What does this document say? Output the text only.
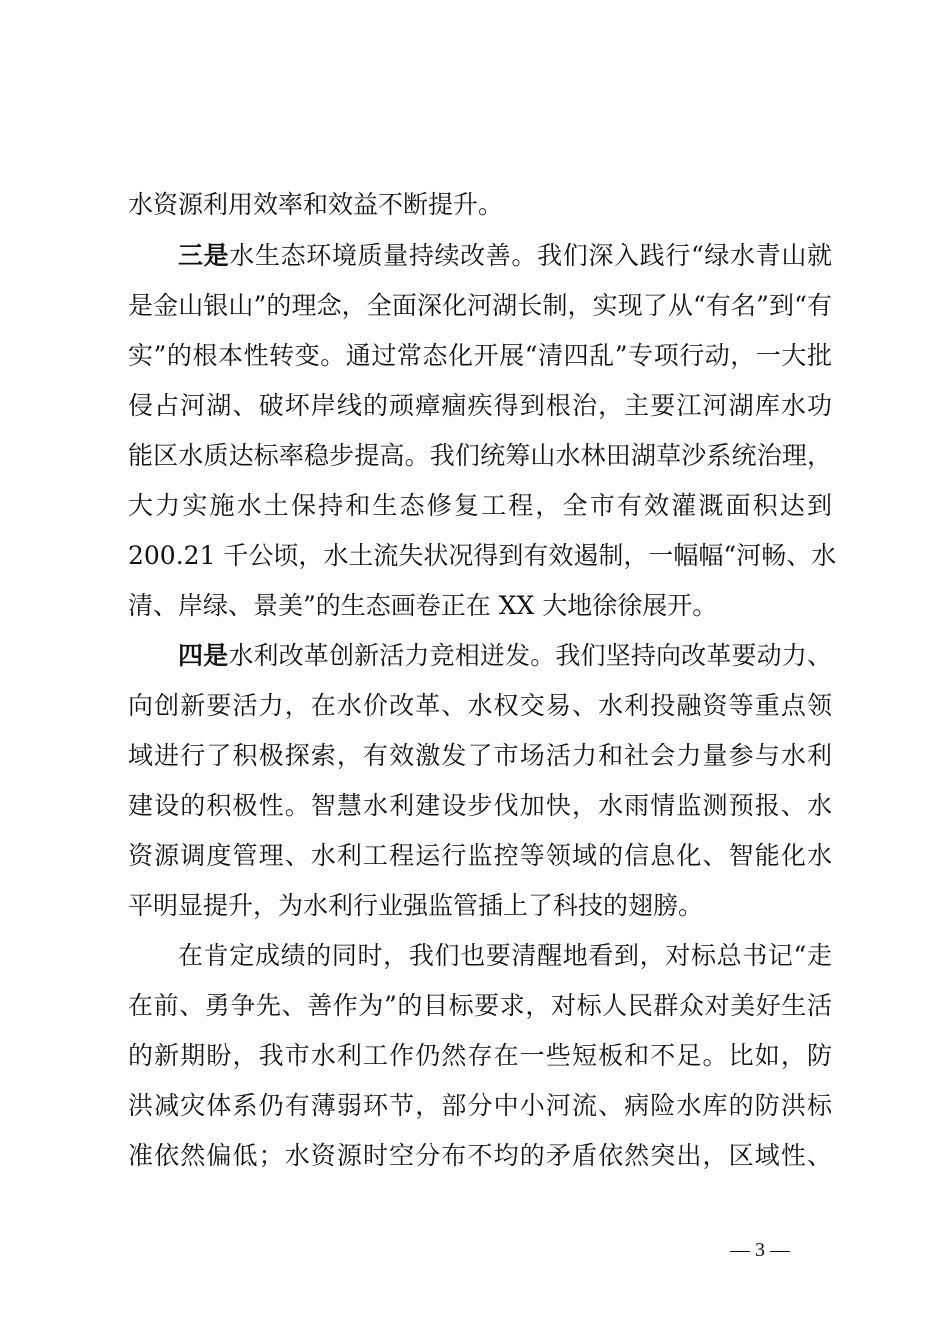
水资源利用效率和效益不断提升。
三是水生态环境质量持续改善。我们深入践行“绿水青山就
是金山银山”的理念，全面深化河湖长制，实现了从“有名”到“有
实”的根本性转变。通过常态化开展“清四乱”专项行动，一大批
侵占河湖、破坏岸线的顽瘴痼疾得到根治，主要江河湖库水功
能区水质达标率稳步提高。我们统筹山水林田湖草沙系统治理，
大力实施水土保持和生态修复工程，全市有效灌溉面积达到
200.21 千公顷，水土流失状况得到有效遏制，一幅幅“河畅、水
清、岸绿、景美”的生态画卷正在 XX 大地徐徐展开。
四是水利改革创新活力竞相迸发。我们坚持向改革要动力、
向创新要活力，在水价改革、水权交易、水利投融资等重点领
域进行了积极探索，有效激发了市场活力和社会力量参与水利
建设的积极性。智慧水利建设步伐加快，水雨情监测预报、水
资源调度管理、水利工程运行监控等领域的信息化、智能化水
平明显提升，为水利行业强监管插上了科技的翅膀。
在肯定成绩的同时，我们也要清醒地看到，对标总书记“走
在前、勇争先、善作为”的目标要求，对标人民群众对美好生活
的新期盼，我市水利工作仍然存在一些短板和不足。比如，防
洪减灾体系仍有薄弱环节，部分中小河流、病险水库的防洪标
准依然偏低；水资源时空分布不均的矛盾依然突出，区域性、
— 3 —
